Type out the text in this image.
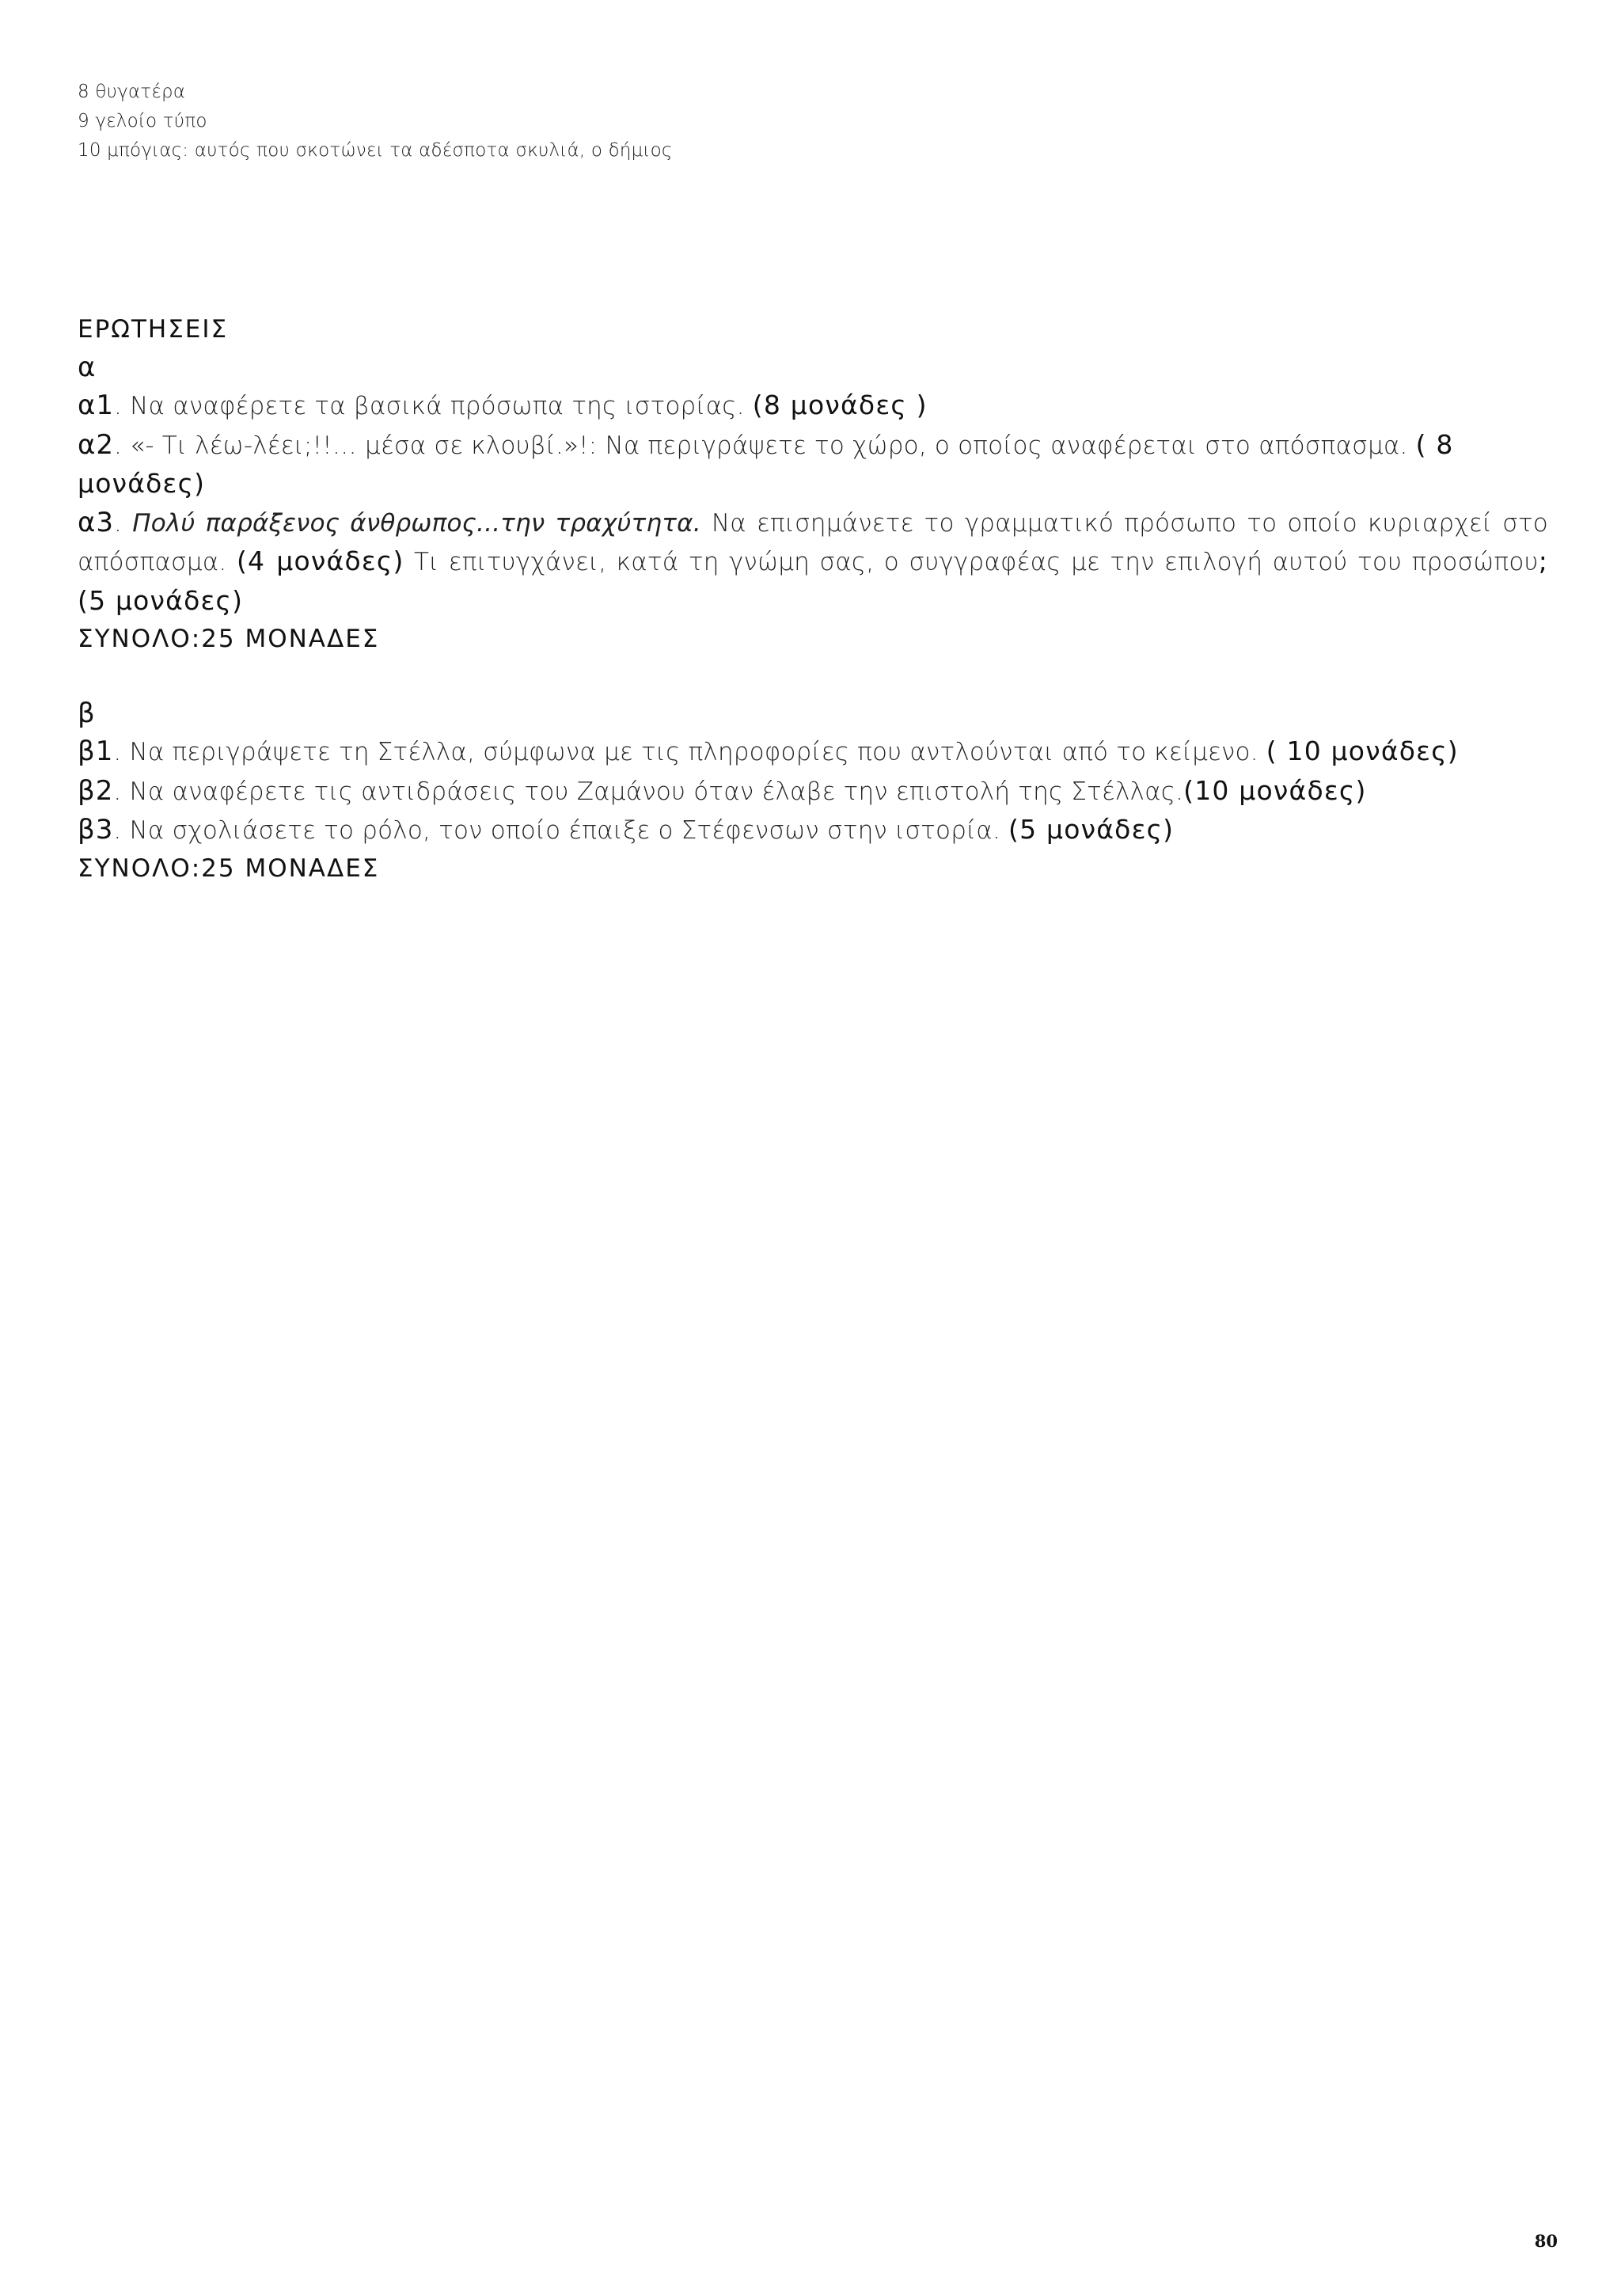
8 θυγατέρα
9 γελοίο τύπο
10 μπόγιας: αυτός που σκοτώνει τα αδέσποτα σκυλιά, ο δήμιος
ΕΡΩΤΗΣΕΙΣ
α
α1. Να αναφέρετε τα βασικά πρόσωπα της ιστορίας. (8 μονάδες )
α2. «- Τι λέω-λέει;!!… μέσα σε κλουβί.»!: Να περιγράψετε το χώρο, ο οποίος αναφέρεται στο απόσπασμα. ( 8 μονάδες)
α3. Πολύ παράξενος άνθρωπος...την τραχύτητα. Να επισημάνετε το γραμματικό πρόσωπο το οποίο κυριαρχεί στο απόσπασμα. (4 μονάδες) Τι επιτυγχάνει, κατά τη γνώμη σας, ο συγγραφέας με την επιλογή αυτού του προσώπου; (5 μονάδες)
ΣΥΝΟΛΟ:25 ΜΟΝΑΔΕΣ
β
β1. Να περιγράψετε τη Στέλλα, σύμφωνα με τις πληροφορίες που αντλούνται από το κείμενο. ( 10 μονάδες)
β2. Να αναφέρετε τις αντιδράσεις του Ζαμάνου όταν έλαβε την επιστολή της Στέλλας.(10 μονάδες)
β3. Να σχολιάσετε το ρόλο, τον οποίο έπαιξε ο Στέφενσων στην ιστορία. (5 μονάδες)
ΣΥΝΟΛΟ:25 ΜΟΝΑΔΕΣ
80
